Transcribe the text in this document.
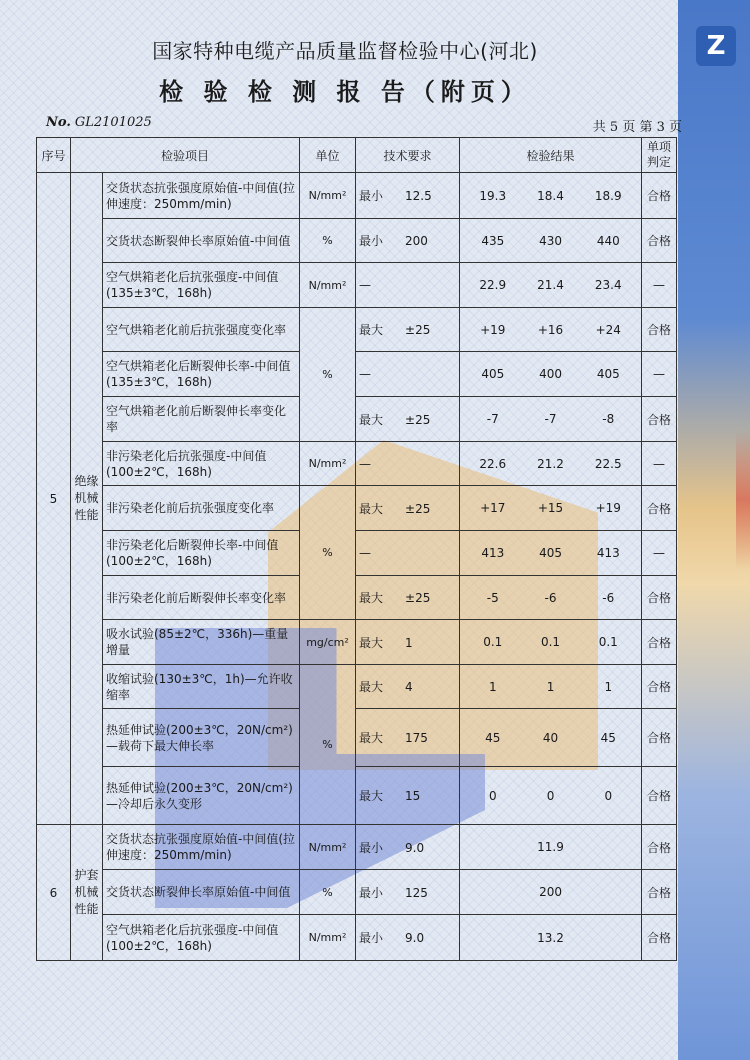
Z
国家特种电缆产品质量监督检验中心(河北)
检 验 检 测 报 告（附页）
No. GL2101025	共 5 页 第 3 页
序号	检验项目		单位	技术要求	检验结果	单项判定
5	绝缘机械性能	交货状态抗张强度原始值-中间值(拉伸速度：250mm/min)	N/mm²	最小 12.5	19.3 18.4 18.9	合格
		交货状态断裂伸长率原始值-中间值	%	最小 200	435 430 440	合格
		空气烘箱老化后抗张强度-中间值(135±3℃，168h)	N/mm²	—	22.9 21.4 23.4	—
		空气烘箱老化前后抗张强度变化率	%	最大 ±25	+19 +16 +24	合格
		空气烘箱老化后断裂伸长率-中间值(135±3℃，168h)		—	405 400 405	—
		空气烘箱老化前后断裂伸长率变化率		最大 ±25	-7 -7 -8	合格
		非污染老化后抗张强度-中间值(100±2℃，168h)	N/mm²	—	22.6 21.2 22.5	—
		非污染老化前后抗张强度变化率	%	最大 ±25	+17 +15 +19	合格
		非污染老化后断裂伸长率-中间值(100±2℃，168h)		—	413 405 413	—
		非污染老化前后断裂伸长率变化率		最大 ±25	-5 -6 -6	合格
		吸水试验(85±2℃，336h)—重量增量	mg/cm²	最大 1	0.1 0.1 0.1	合格
		收缩试验(130±3℃，1h)—允许收缩率	%	最大 4	1 1 1	合格
		热延伸试验(200±3℃，20N/cm²)—载荷下最大伸长率		最大 175	45 40 45	合格
		热延伸试验(200±3℃，20N/cm²)—冷却后永久变形		最大 15	0 0 0	合格
6	护套机械性能	交货状态抗张强度原始值-中间值(拉伸速度：250mm/min)	N/mm²	最小 9.0	11.9	合格
		交货状态断裂伸长率原始值-中间值	%	最小 125	200	合格
		空气烘箱老化后抗张强度-中间值(100±2℃，168h)	N/mm²	最小 9.0	13.2	合格
